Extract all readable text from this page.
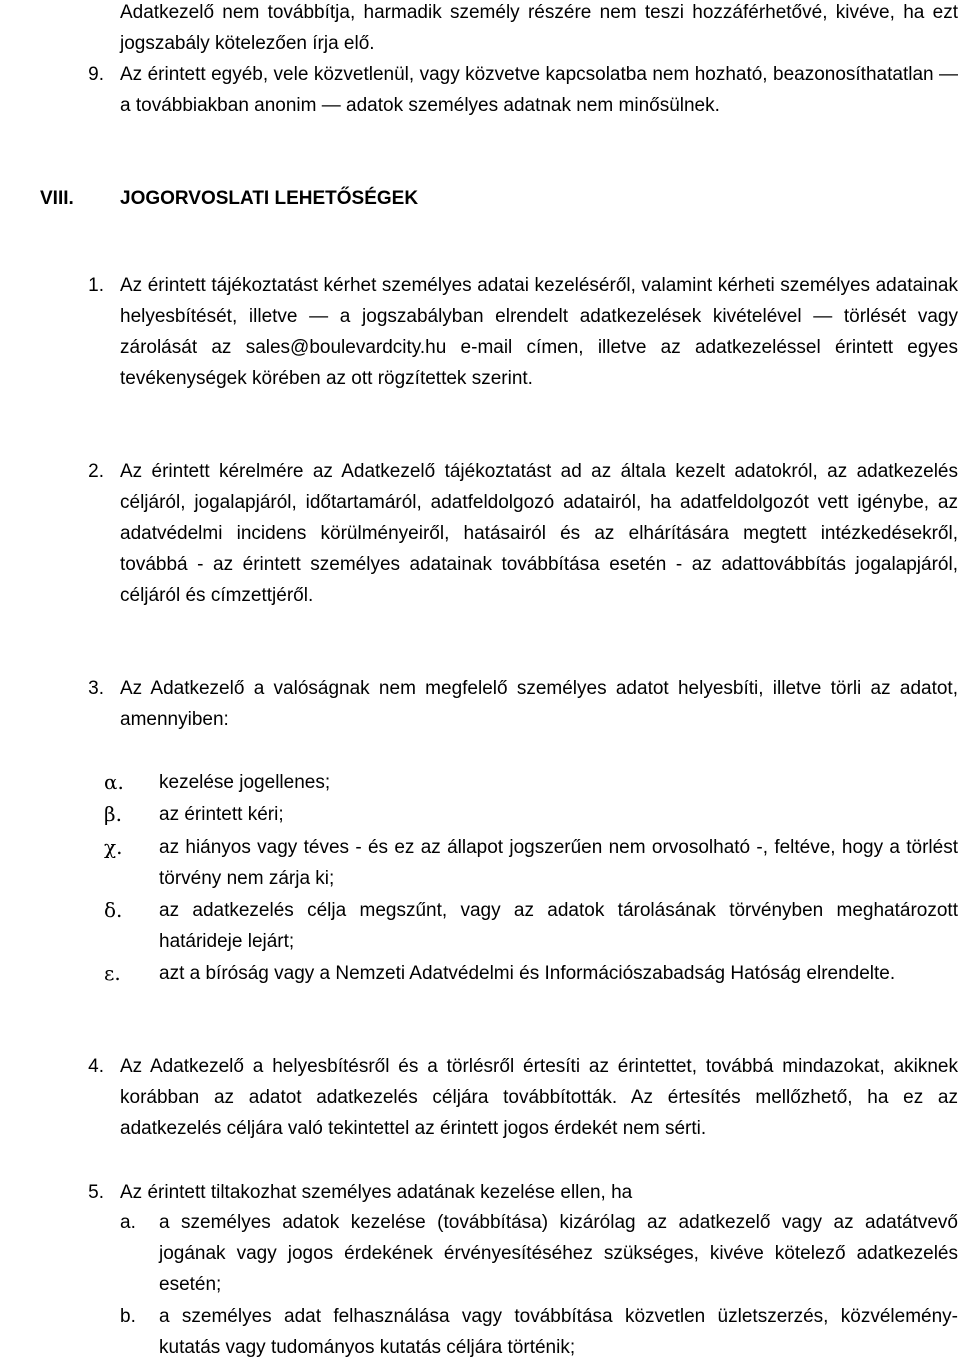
Adatkezelő nem továbbítja, harmadik személy részére nem teszi hozzáférhetővé, kivéve, ha ezt jogszabály kötelezően írja elő.
9. Az érintett egyéb, vele közvetlenül, vagy közvetve kapcsolatba nem hozható, beazonosíthatatlan — a továbbiakban anonim — adatok személyes adatnak nem minősülnek.
VIII. JOGORVOSLATI LEHETŐSÉGEK
1. Az érintett tájékoztatást kérhet személyes adatai kezeléséről, valamint kérheti személyes adatainak helyesbítését, illetve — a jogszabályban elrendelt adatkezelések kivételével — törlését vagy zárolását az sales@boulevardcity.hu e-mail címen, illetve az adatkezeléssel érintett egyes tevékenységek körében az ott rögzítettek szerint.
2. Az érintett kérelmére az Adatkezelő tájékoztatást ad az általa kezelt adatokról, az adatkezelés céljáról, jogalapjáról, időtartamáról, adatfeldolgozó adatairól, ha adatfeldolgozót vett igénybe, az adatvédelmi incidens körülményeiről, hatásairól és az elhárítására megtett intézkedésekről, továbbá - az érintett személyes adatainak továbbítása esetén - az adattovábbítás jogalapjáról, céljáról és címzettjéről.
3. Az Adatkezelő a valóságnak nem megfelelő személyes adatot helyesbíti, illetve törli az adatot, amennyiben:
α.	kezelése jogellenes;
β.	az érintett kéri;
χ.	az hiányos vagy téves - és ez az állapot jogszerűen nem orvosolható -, feltéve, hogy a törlést törvény nem zárja ki;
δ.	az adatkezelés célja megszűnt, vagy az adatok tárolásának törvényben meghatározott határideje lejárt;
ε.	azt a bíróság vagy a Nemzeti Adatvédelmi és Információszabadság Hatóság elrendelte.
4. Az Adatkezelő a helyesbítésről és a törlésről értesíti az érintettet, továbbá mindazokat, akiknek korábban az adatot adatkezelés céljára továbbították. Az értesítés mellőzhető, ha ez az adatkezelés céljára való tekintettel az érintett jogos érdekét nem sérti.
5. Az érintett tiltakozhat személyes adatának kezelése ellen, ha
a.	a személyes adatok kezelése (továbbítása) kizárólag az adatkezelő vagy az adatátvevő jogának vagy jogos érdekének érvényesítéséhez szükséges, kivéve kötelező adatkezelés esetén;
b.	a személyes adat felhasználása vagy továbbítása közvetlen üzletszerzés, közvélemény-kutatás vagy tudományos kutatás céljára történik;
